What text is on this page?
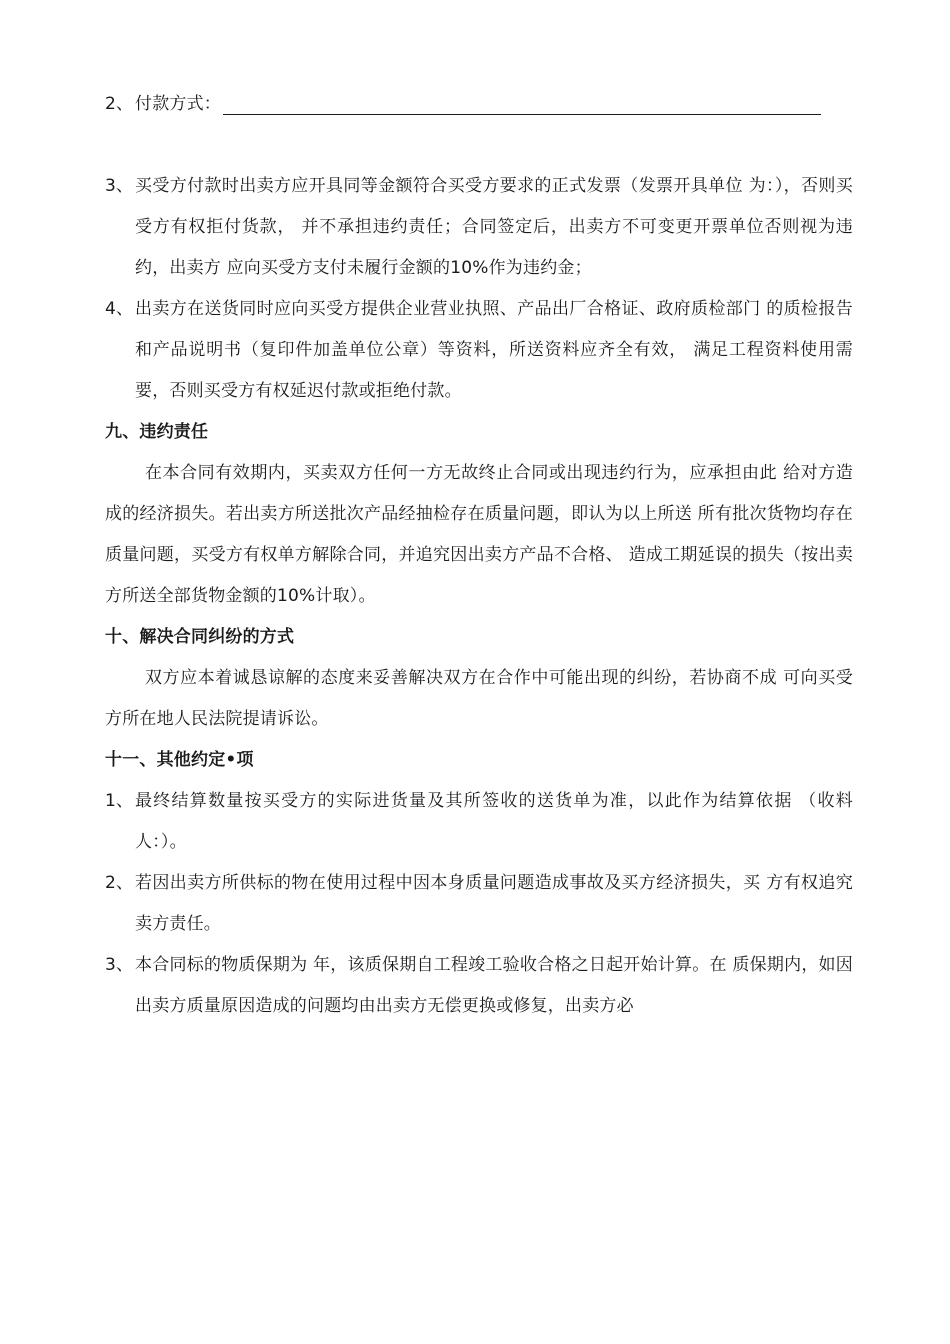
2、 付款方式：
3、 买受方付款时出卖方应开具同等金额符合买受方要求的正式发票（发票开具单位 为：），否则买受方有权拒付货款， 并不承担违约责任；合同签定后，出卖方不可变更开票单位否则视为违约，出卖方 应向买受方支付未履行金额的10%作为违约金；
4、 出卖方在送货同时应向买受方提供企业营业执照、产品出厂合格证、政府质检部门 的质检报告和产品说明书（复印件加盖单位公章）等资料，所送资料应齐全有效， 满足工程资料使用需要，否则买受方有权延迟付款或拒绝付款。
九、违约责任
在本合同有效期内，买卖双方任何一方无故终止合同或出现违约行为，应承担由此 给对方造成的经济损失。若出卖方所送批次产品经抽检存在质量问题，即认为以上所送 所有批次货物均存在质量问题，买受方有权单方解除合同，并追究因出卖方产品不合格、 造成工期延误的损失（按出卖方所送全部货物金额的10%计取）。
十、解决合同纠纷的方式
双方应本着诚恳谅解的态度来妥善解决双方在合作中可能出现的纠纷，若协商不成 可向买受方所在地人民法院提请诉讼。
十一、其他约定•项
1、 最终结算数量按买受方的实际进货量及其所签收的送货单为准，以此作为结算依据 （收料人：）。
2、 若因出卖方所供标的物在使用过程中因本身质量问题造成事故及买方经济损失，买 方有权追究卖方责任。
3、 本合同标的物质保期为 年，该质保期自工程竣工验收合格之日起开始计算。在 质保期内，如因出卖方质量原因造成的问题均由出卖方无偿更换或修复，出卖方必
